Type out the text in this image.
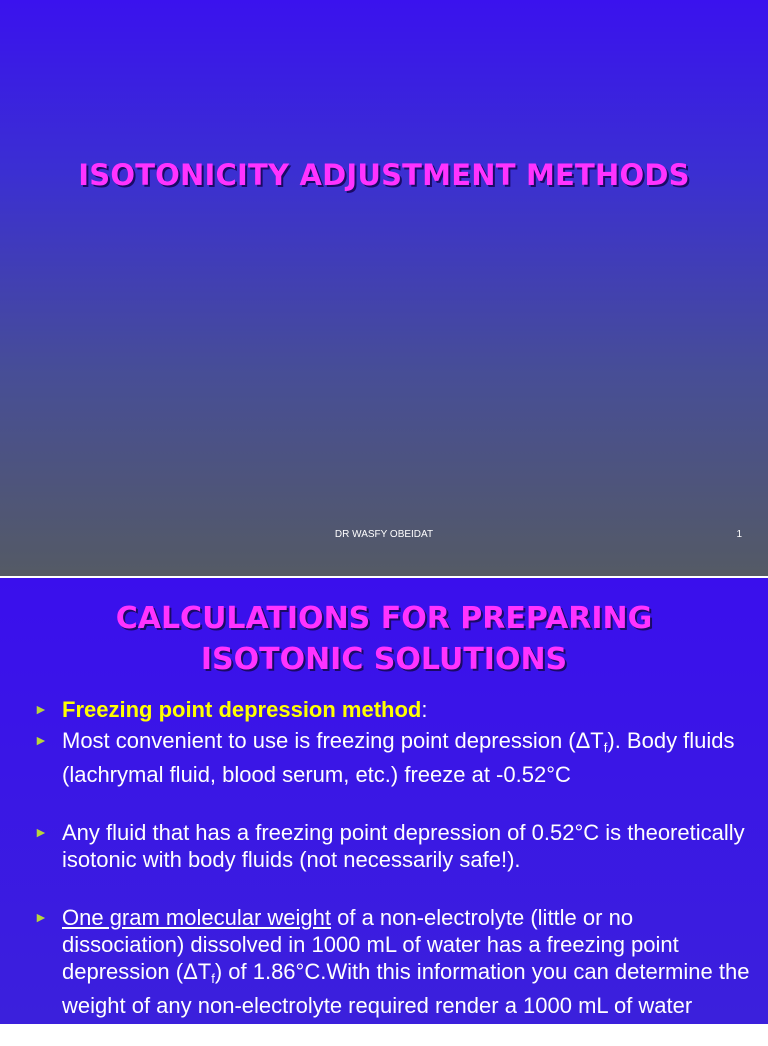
ISOTONICITY ADJUSTMENT METHODS
DR WASFY OBEIDAT	1
CALCULATIONS FOR PREPARING
ISOTONIC SOLUTIONS
► Freezing point depression method:
► Most convenient to use is freezing point depression $(\Delta T_f)$. Body fluids (lachrymal fluid, blood serum, etc.) freeze at -0.52°C
► Any fluid that has a freezing point depression of 0.52°C is theoretically isotonic with body fluids (not necessarily safe!).
► One gram molecular weight of a non-electrolyte (little or no dissociation) dissolved in 1000 mL of water has a freezing point depression $(\Delta T_f)$ of 1.86°C.With this information you can determine the weight of any non-electrolyte required render a 1000 mL of water isotonic.
